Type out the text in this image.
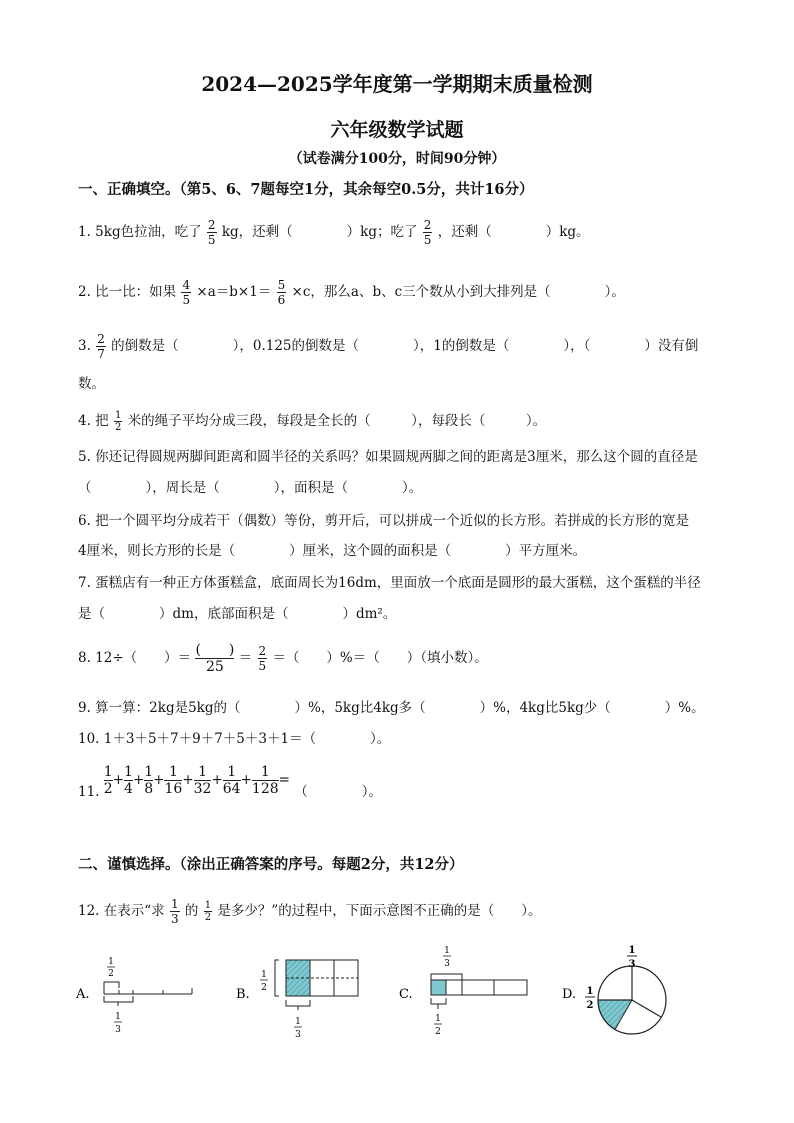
2024—2025学年度第一学期期末质量检测
六年级数学试题
（试卷满分100分，时间90分钟）
一、正确填空。（第5、6、7题每空1分，其余每空0.5分，共计16分）
1. 5kg色拉油，吃了 $\frac{2}{5}$ kg，还剩（　　　　）kg；吃了 $\frac{2}{5}$ ，还剩（　　　　）kg。
2. 比一比：如果 $\frac{4}{5} \times a=b\times 1= \frac{5}{6} \times c$，那么a、b、c三个数从小到大排列是（　　　　）。
3. $\frac{2}{7}$ 的倒数是（　　　　），0.125的倒数是（　　　　），1的倒数是（　　　　），（　　　　）没有倒
数。
4. 把 $\frac{1}{2}$ 米的绳子平均分成三段，每段是全长的（　　　），每段长（　　　）。
5. 你还记得圆规两脚间距离和圆半径的关系吗？如果圆规两脚之间的距离是3厘米，那么这个圆的直径是
（　　　　），周长是（　　　　），面积是（　　　　）。
6. 把一个圆平均分成若干（偶数）等份，剪开后，可以拼成一个近似的长方形。若拼成的长方形的宽是
4厘米，则长方形的长是（　　　　）厘米，这个圆的面积是（　　　　）平方厘米。
7. 蛋糕店有一种正方体蛋糕盒，底面周长为16dm，里面放一个底面是圆形的最大蛋糕，这个蛋糕的半径
是（　　　　）dm，底部面积是（　　　　）dm²。
8. 12÷（　　）＝ $\frac{( )}{25} = \frac{2}{5}$ ＝（　　）%＝（　　）（填小数）。
9. 算一算：2kg是5kg的（　　　　）%，5kg比4kg多（　　　　）%，4kg比5kg少（　　　　）%。
10. 1＋3＋5＋7＋9＋7＋5＋3＋1＝（　　　　）。
11. $\frac{1}{2} + \frac{1}{4} + \frac{1}{8} + \frac{1}{16} + \frac{1}{32} + \frac{1}{64} + \frac{1}{128}$ = （　　　　）。
二、谨慎选择。（涂出正确答案的序号。每题2分，共12分）
12. 在表示“求 $\frac{1}{3}$ 的 $\frac{1}{2}$ 是多少？”的过程中，下面示意图不正确的是（　　）。
A.
1
2
1
3
B.
1
2
1
3
C.
1
3
1
2
D.
1
3
1
2
